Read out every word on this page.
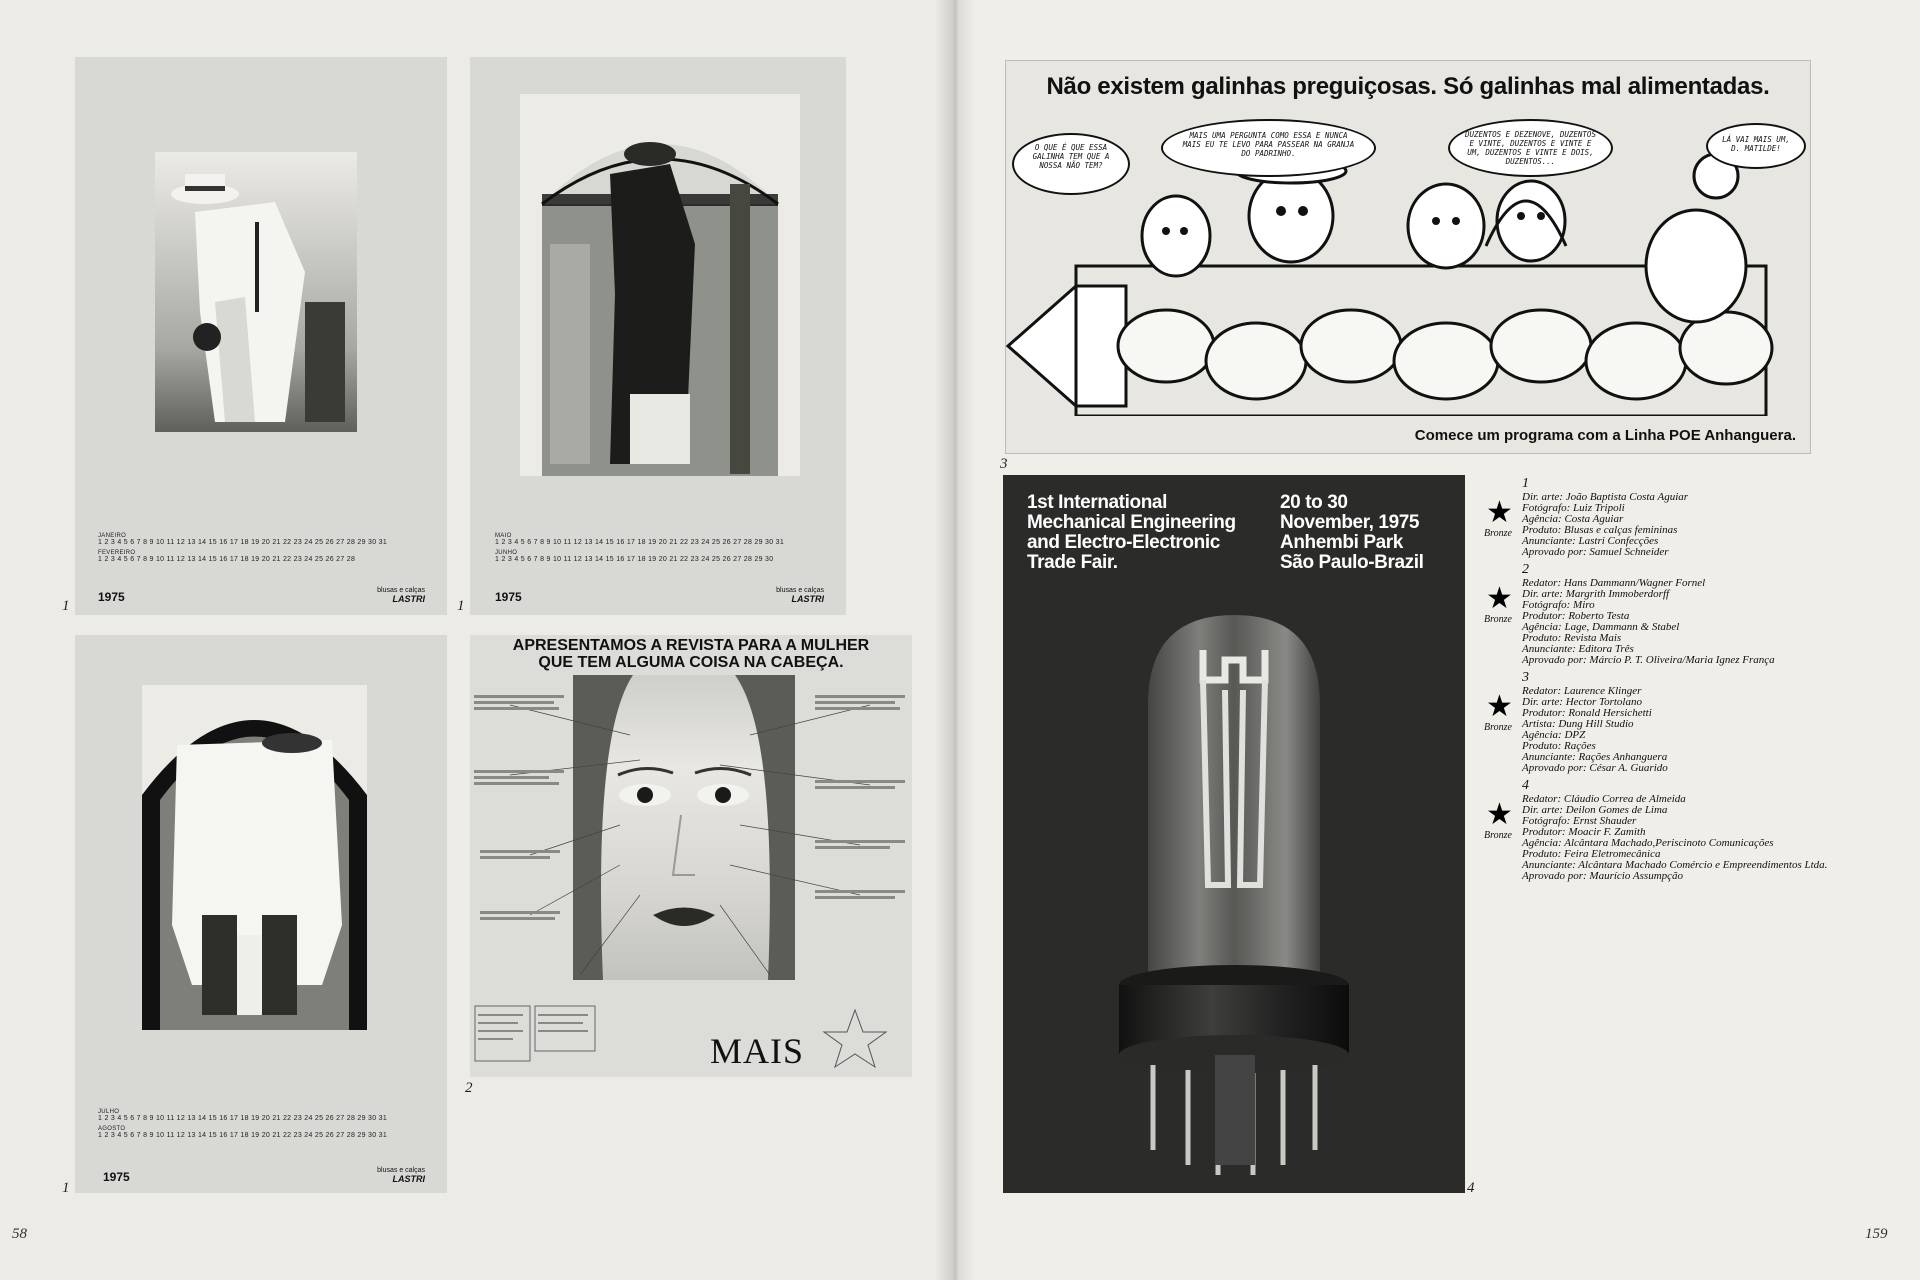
JANEIRO
1 2 3 4 5 6 7 8 9 10 11 12 13 14 15 16 17 18 19 20 21 22 23 24 25 26 27 28 29 30 31
FEVEREIRO
1 2 3 4 5 6 7 8 9 10 11 12 13 14 15 16 17 18 19 20 21 22 23 24 25 26 27 28
1975	blusas e calças
LASTRI
1
MAIO
1 2 3 4 5 6 7 8 9 10 11 12 13 14 15 16 17 18 19 20 21 22 23 24 25 26 27 28 29 30 31
JUNHO
1 2 3 4 5 6 7 8 9 10 11 12 13 14 15 16 17 18 19 20 21 22 23 24 25 26 27 28 29 30
1975	blusas e calças
LASTRI
1
JULHO
1 2 3 4 5 6 7 8 9 10 11 12 13 14 15 16 17 18 19 20 21 22 23 24 25 26 27 28 29 30 31
AGOSTO
1 2 3 4 5 6 7 8 9 10 11 12 13 14 15 16 17 18 19 20 21 22 23 24 25 26 27 28 29 30 31
1975	blusas e calças
LASTRI
1
APRESENTAMOS A REVISTA PARA A MULHER
QUE TEM ALGUMA COISA NA CABEÇA.
MAIS
2
58
Não existem galinhas preguiçosas. Só galinhas mal alimentadas.
O QUE É QUE ESSA GALINHA TEM QUE A NOSSA NÃO TEM?
MAIS UMA PERGUNTA COMO ESSA E NUNCA MAIS EU TE LEVO PARA PASSEAR NA GRANJA DO PADRINHO.
DUZENTOS E DEZENOVE, DUZENTOS E VINTE, DUZENTOS E VINTE E UM, DUZENTOS E VINTE E DOIS, DUZENTOS...
LÁ VAI MAIS UM, D. MATILDE!
Comece um programa com a Linha POE Anhanguera.
3
1st International
Mechanical Engineering
and Electro-Electronic
Trade Fair.
20 to 30
November, 1975
Anhembi Park
São Paulo-Brazil
4
1
★
Bronze
Dir. arte: João Baptista Costa Aguiar
Fotógrafo: Luiz Tripoli
Agência: Costa Aguiar
Produto: Blusas e calças femininas
Anunciante: Lastri Confecções
Aprovado por: Samuel Schneider
2
★
Bronze
Redator: Hans Dammann/Wagner Fornel
Dir. arte: Margrith Immoberdorff
Fotógrafo: Miro
Produtor: Roberto Testa
Agência: Lage, Dammann & Stabel
Produto: Revista Mais
Anunciante: Editora Três
Aprovado por: Márcio P. T. Oliveira/Maria Ignez França
3
★
Bronze
Redator: Laurence Klinger
Dir. arte: Hector Tortolano
Produtor: Ronald Hersichetti
Artista: Dung Hill Studio
Agência: DPZ
Produto: Rações
Anunciante: Rações Anhanguera
Aprovado por: César A. Guarido
4
★
Bronze
Redator: Cláudio Correa de Almeida
Dir. arte: Deilon Gomes de Lima
Fotógrafo: Ernst Shauder
Produtor: Moacir F. Zamith
Agência: Alcântara Machado,Periscinoto Comunicações
Produto: Feira Eletromecânica
Anunciante: Alcântara Machado Comércio e Empreendimentos Ltda.
Aprovado por: Maurício Assumpção
159
